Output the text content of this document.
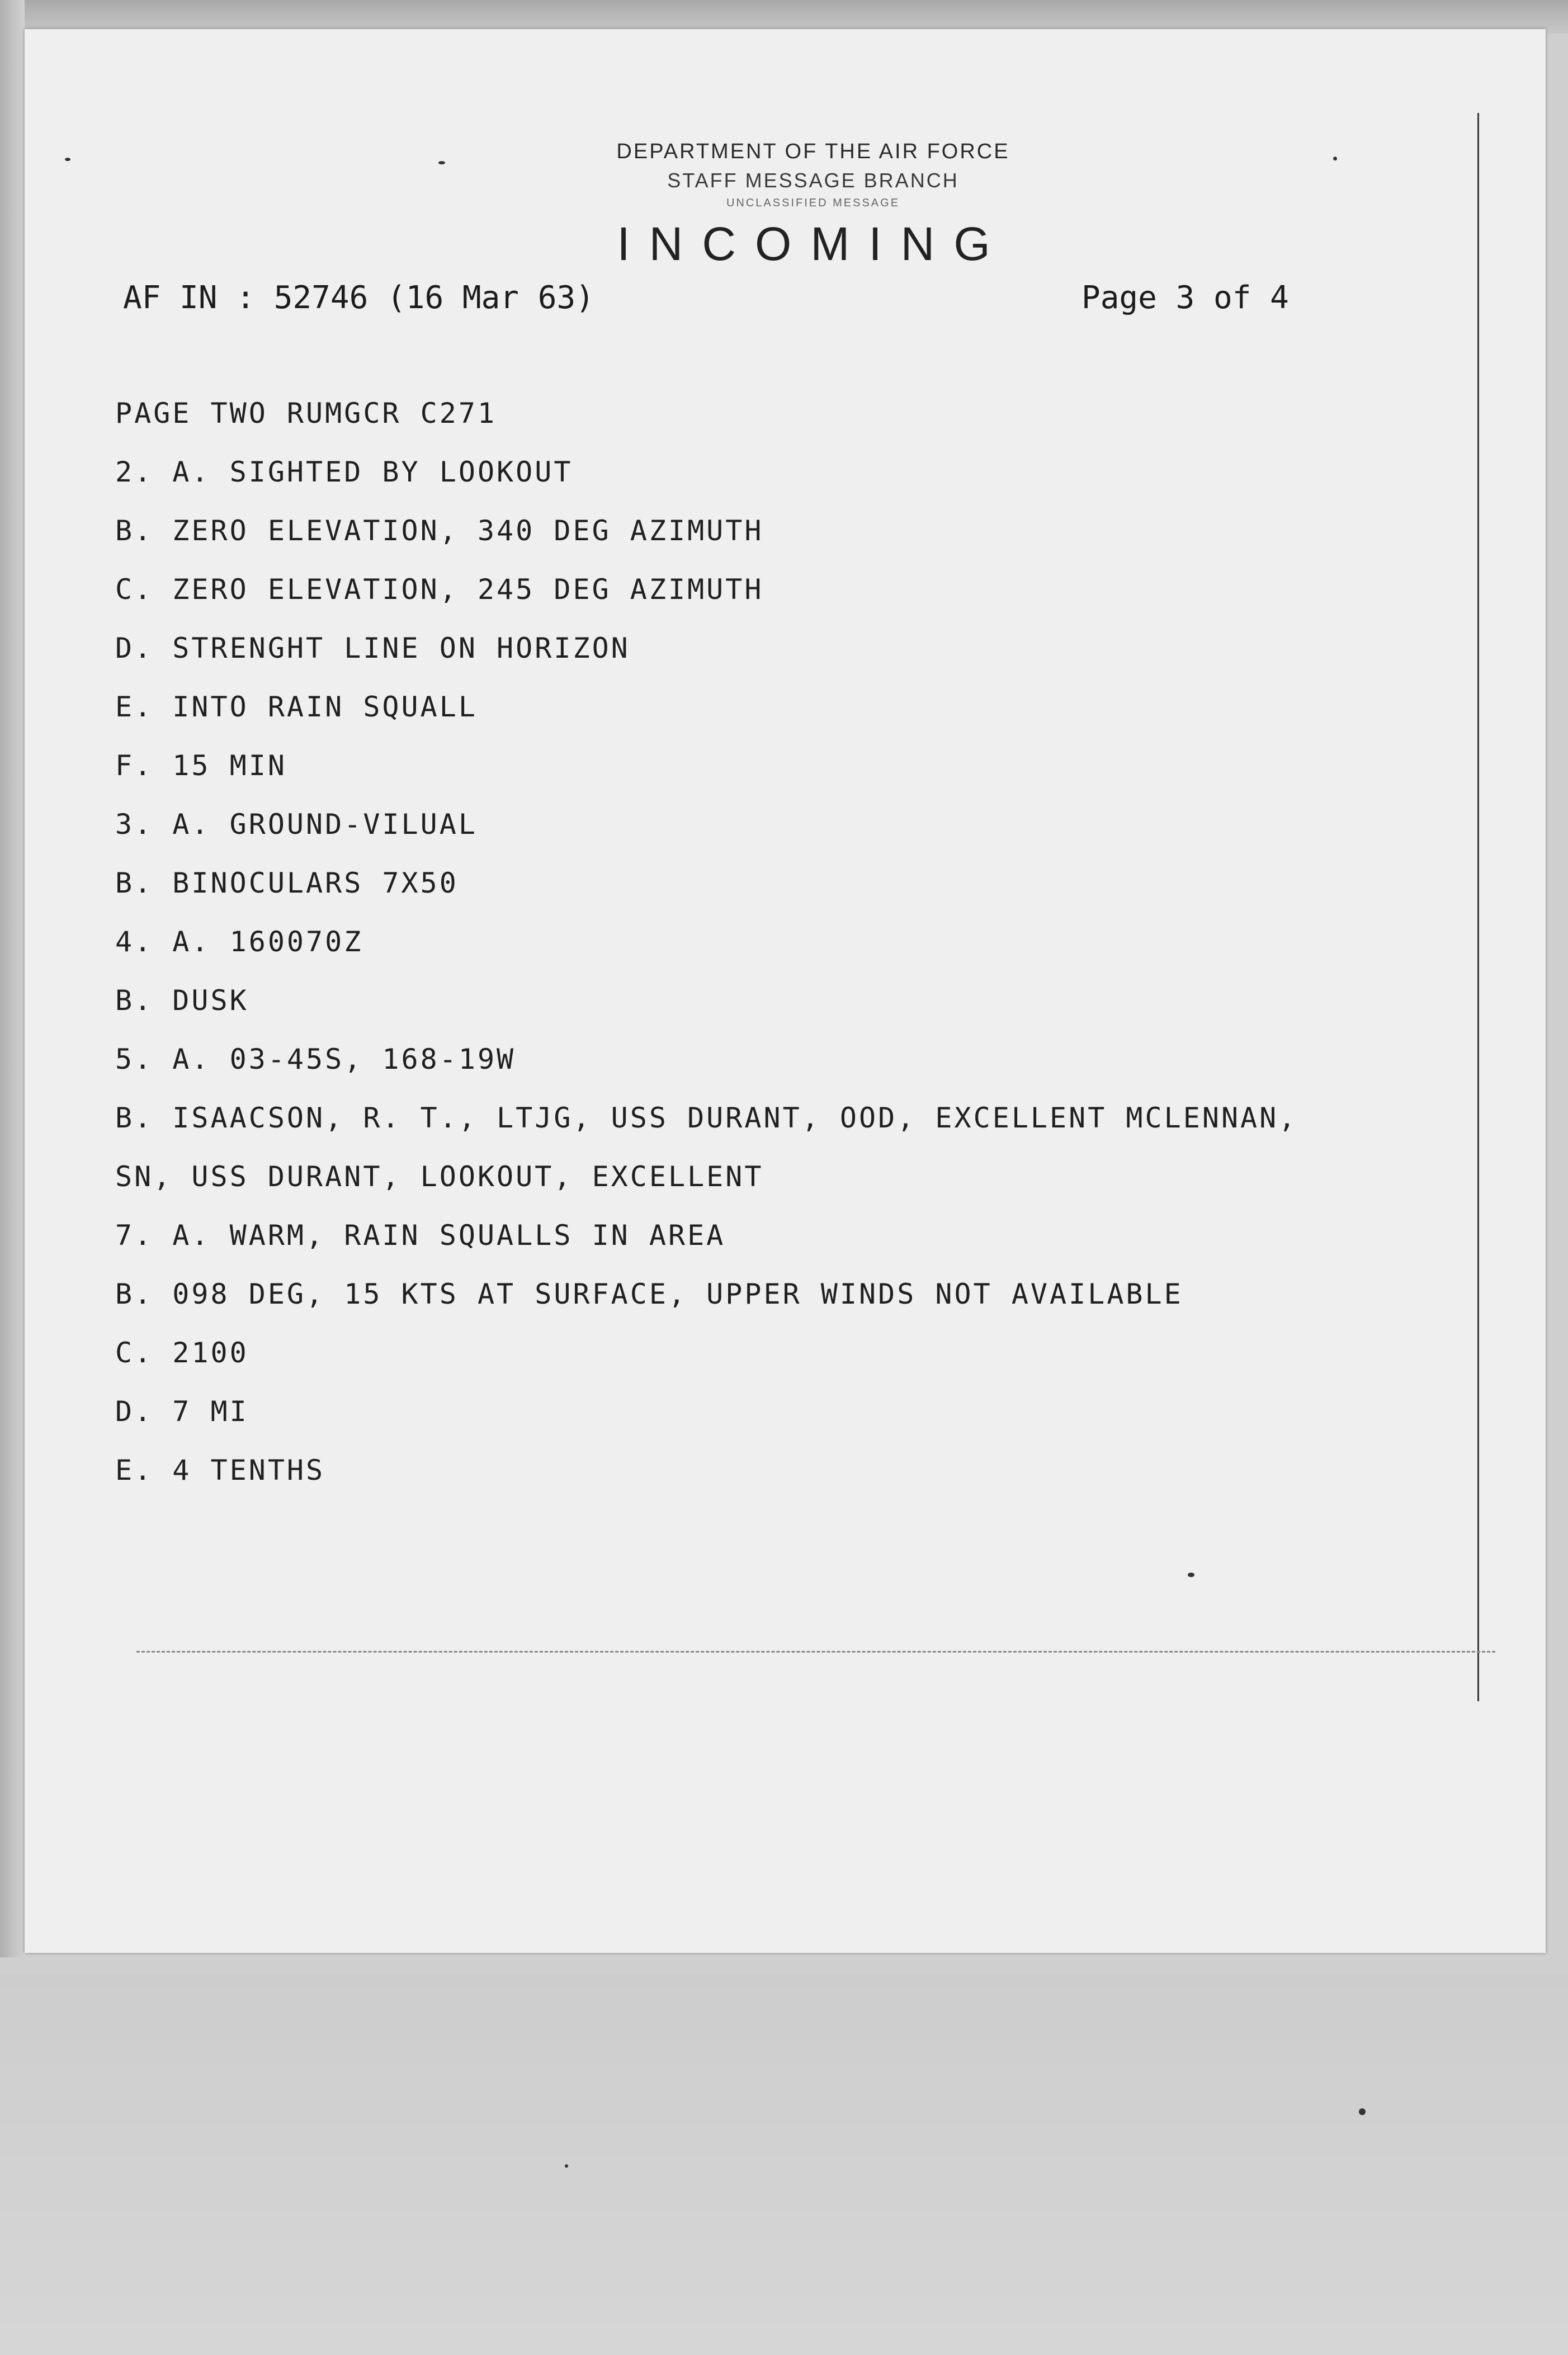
DEPARTMENT OF THE AIR FORCE
STAFF MESSAGE BRANCH
UNCLASSIFIED MESSAGE
INCOMING
AF IN : 52746 (16 Mar 63)	Page 3 of 4
PAGE TWO RUMGCR C271
2. A. SIGHTED BY LOOKOUT
B. ZERO ELEVATION, 340 DEG AZIMUTH
C. ZERO ELEVATION, 245 DEG AZIMUTH
D. STRENGHT LINE ON HORIZON
E. INTO RAIN SQUALL
F. 15 MIN
3. A. GROUND-VILUAL
B. BINOCULARS 7X50
4. A. 160070Z
B. DUSK
5. A. 03-45S, 168-19W
B. ISAACSON, R. T., LTJG, USS DURANT, OOD, EXCELLENT MCLENNAN,
SN, USS DURANT, LOOKOUT, EXCELLENT
7. A. WARM, RAIN SQUALLS IN AREA
B. 098 DEG, 15 KTS AT SURFACE, UPPER WINDS NOT AVAILABLE
C. 2100
D. 7 MI
E. 4 TENTHS
